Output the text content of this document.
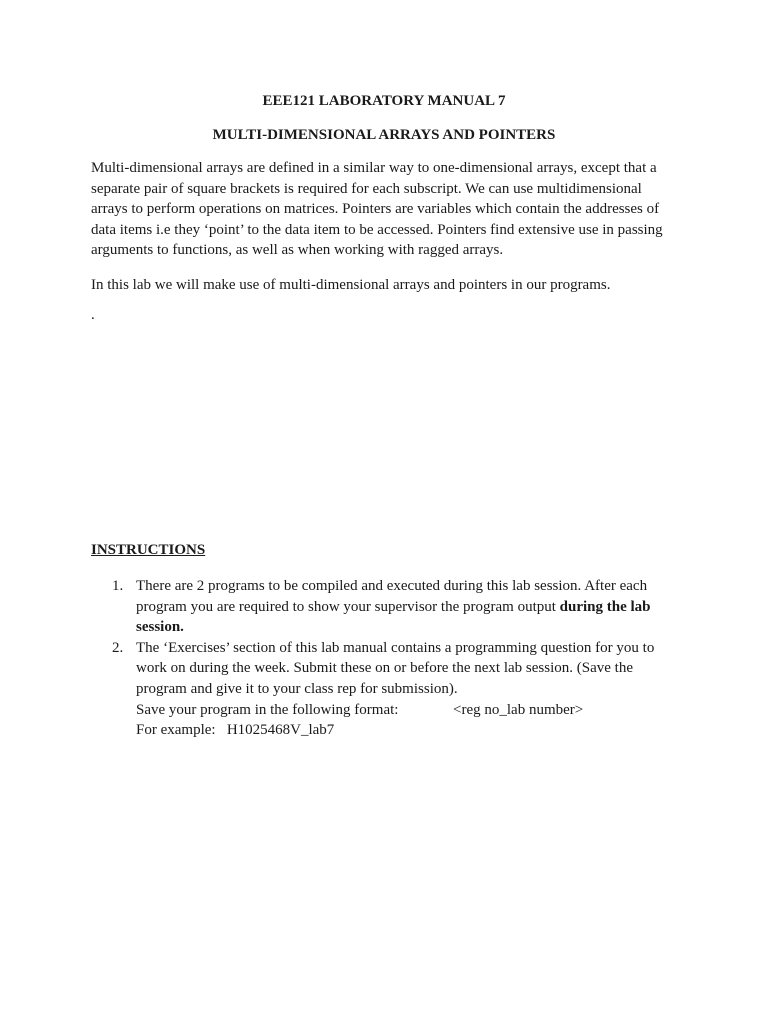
EEE121 LABORATORY MANUAL 7

MULTI-DIMENSIONAL ARRAYS AND POINTERS

Multi-dimensional arrays are defined in a similar way to one-dimensional arrays, except that a separate pair of square brackets is required for each subscript. We can use multidimensional arrays to perform operations on matrices. Pointers are variables which contain the addresses of data items i.e they ‘point’ to the data item to be accessed. Pointers find extensive use in passing arguments to functions, as well as when working with ragged arrays.

In this lab we will make use of multi-dimensional arrays and pointers in our programs.

.

INSTRUCTIONS

1. There are 2 programs to be compiled and executed during this lab session. After each program you are required to show your supervisor the program output during the lab session.
2. The ‘Exercises’ section of this lab manual contains a programming question for you to work on during the week. Submit these on or before the next lab session. (Save the program and give it to your class rep for submission).
Save your program in the following format:	<reg no_lab number>
For example:   H1025468V_lab7
